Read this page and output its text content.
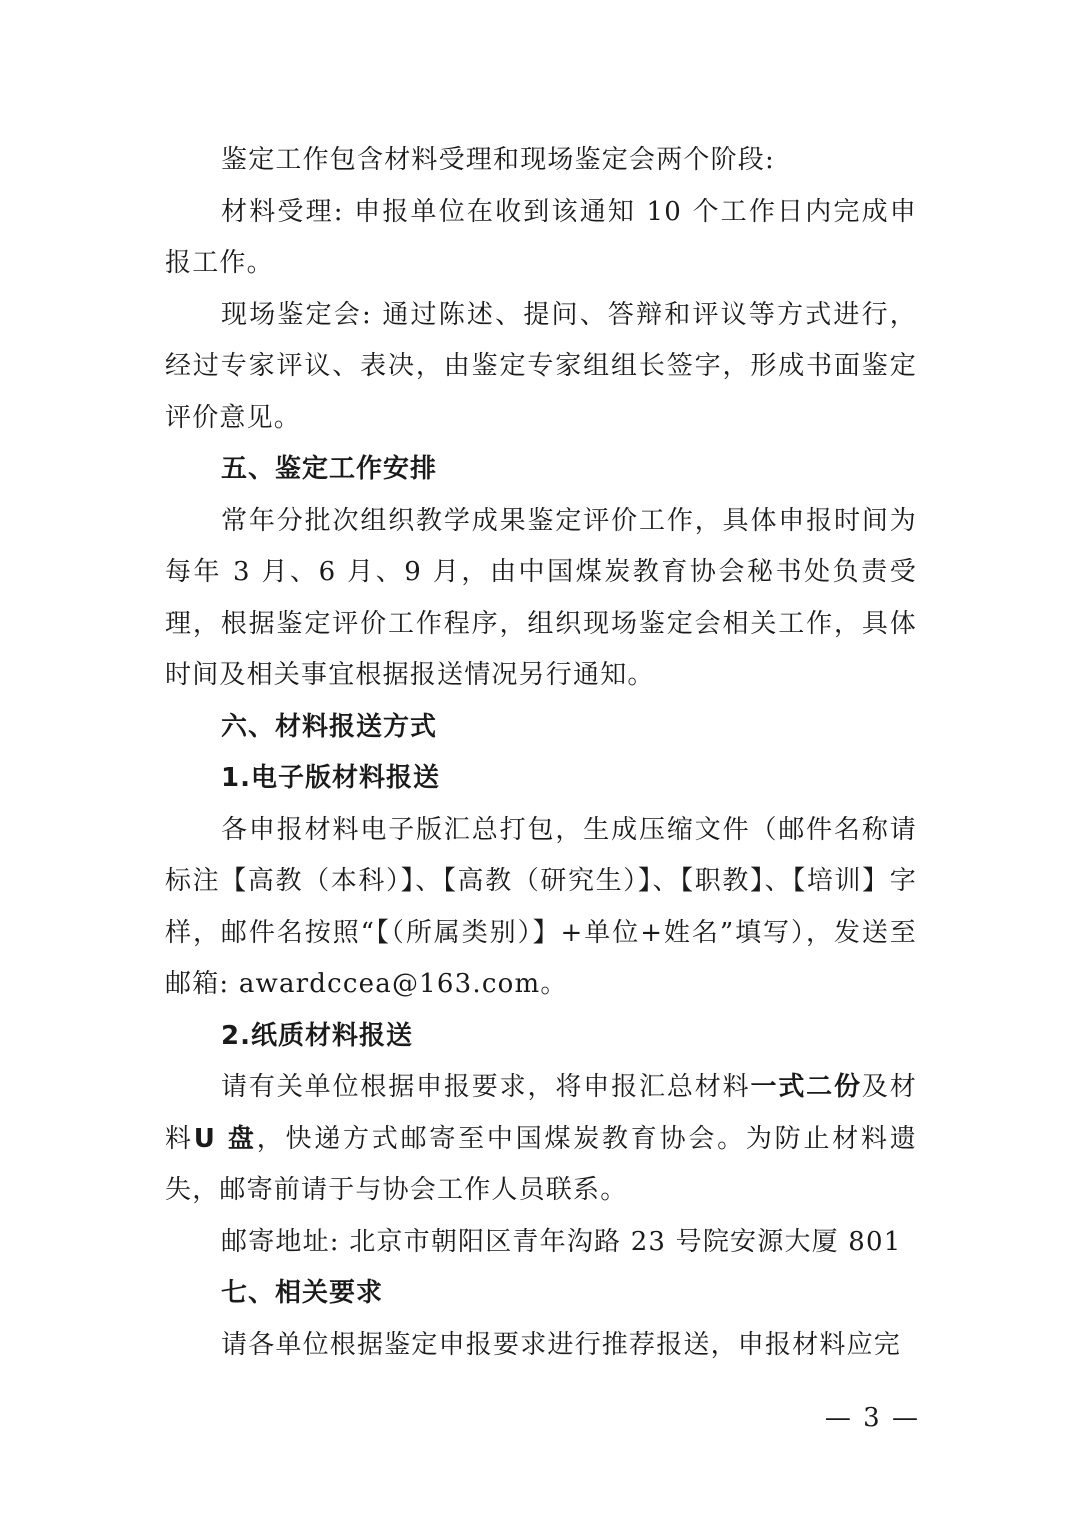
鉴定工作包含材料受理和现场鉴定会两个阶段:

材料受理: 申报单位在收到该通知 10 个工作日内完成申报工作。

现场鉴定会: 通过陈述、提问、答辩和评议等方式进行，经过专家评议、表决，由鉴定专家组组长签字，形成书面鉴定评价意见。

五、鉴定工作安排

常年分批次组织教学成果鉴定评价工作，具体申报时间为每年 3 月、6 月、9 月，由中国煤炭教育协会秘书处负责受理，根据鉴定评价工作程序，组织现场鉴定会相关工作，具体时间及相关事宜根据报送情况另行通知。

六、材料报送方式

1.电子版材料报送

各申报材料电子版汇总打包，生成压缩文件（邮件名称请标注【高教（本科）】、【高教（研究生）】、【职教】、【培训】字样，邮件名按照“【（所属类别）】+单位+姓名”填写），发送至邮箱: awardccea@163.com。

2.纸质材料报送

请有关单位根据申报要求，将申报汇总材料一式二份及材料U 盘，快递方式邮寄至中国煤炭教育协会。为防止材料遗失，邮寄前请于与协会工作人员联系。

邮寄地址: 北京市朝阳区青年沟路 23 号院安源大厦 801

七、相关要求

请各单位根据鉴定申报要求进行推荐报送，申报材料应完

— 3 —
